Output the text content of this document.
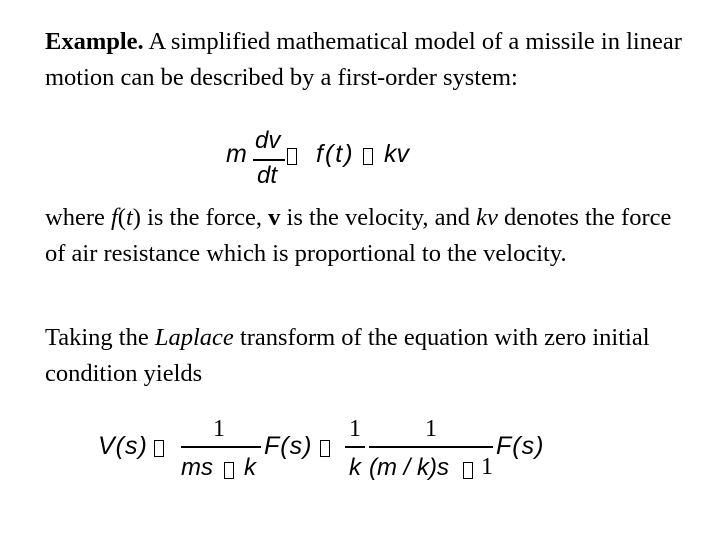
Example. A simplified mathematical model of a missile in linear motion can be described by a first-order system:

m dv
dt
f(t) kv

where f(t) is the force, v is the velocity, and kv denotes the force of air resistance which is proportional to the velocity.

Taking the Laplace transform of the equation with zero initial condition yields

V(s)
1
ms k
F(s)
1
k
1
(m / k)s 1
F(s)
